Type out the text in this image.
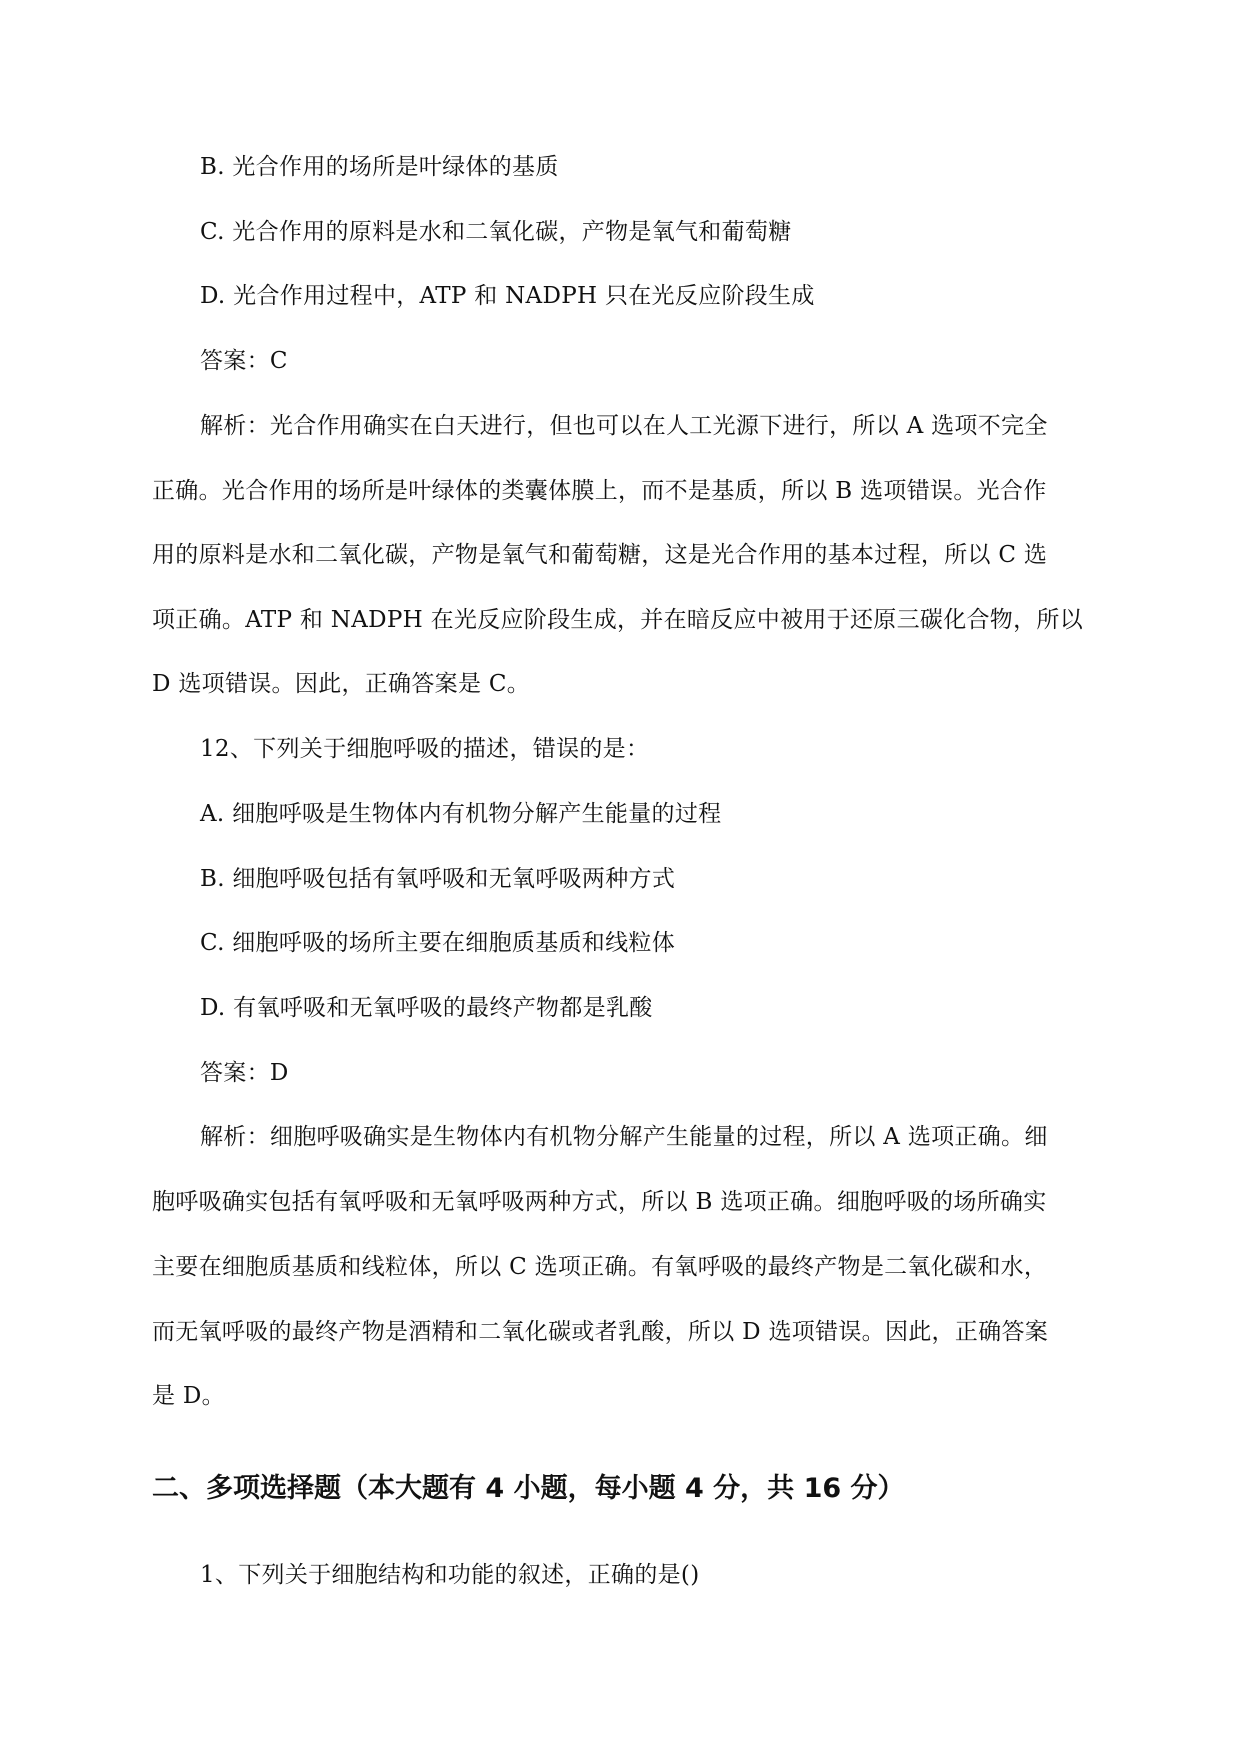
B. 光合作用的场所是叶绿体的基质
C. 光合作用的原料是水和二氧化碳，产物是氧气和葡萄糖
D. 光合作用过程中，ATP 和 NADPH 只在光反应阶段生成
答案：C
解析：光合作用确实在白天进行，但也可以在人工光源下进行，所以 A 选项不完全
正确。光合作用的场所是叶绿体的类囊体膜上，而不是基质，所以 B 选项错误。光合作
用的原料是水和二氧化碳，产物是氧气和葡萄糖，这是光合作用的基本过程，所以 C 选
项正确。ATP 和 NADPH 在光反应阶段生成，并在暗反应中被用于还原三碳化合物，所以
D 选项错误。因此，正确答案是 C。
12、下列关于细胞呼吸的描述，错误的是：
A. 细胞呼吸是生物体内有机物分解产生能量的过程
B. 细胞呼吸包括有氧呼吸和无氧呼吸两种方式
C. 细胞呼吸的场所主要在细胞质基质和线粒体
D. 有氧呼吸和无氧呼吸的最终产物都是乳酸
答案：D
解析：细胞呼吸确实是生物体内有机物分解产生能量的过程，所以 A 选项正确。细
胞呼吸确实包括有氧呼吸和无氧呼吸两种方式，所以 B 选项正确。细胞呼吸的场所确实
主要在细胞质基质和线粒体，所以 C 选项正确。有氧呼吸的最终产物是二氧化碳和水，
而无氧呼吸的最终产物是酒精和二氧化碳或者乳酸，所以 D 选项错误。因此，正确答案
是 D。
二、多项选择题（本大题有 4 小题，每小题 4 分，共 16 分）
1、下列关于细胞结构和功能的叙述，正确的是()
